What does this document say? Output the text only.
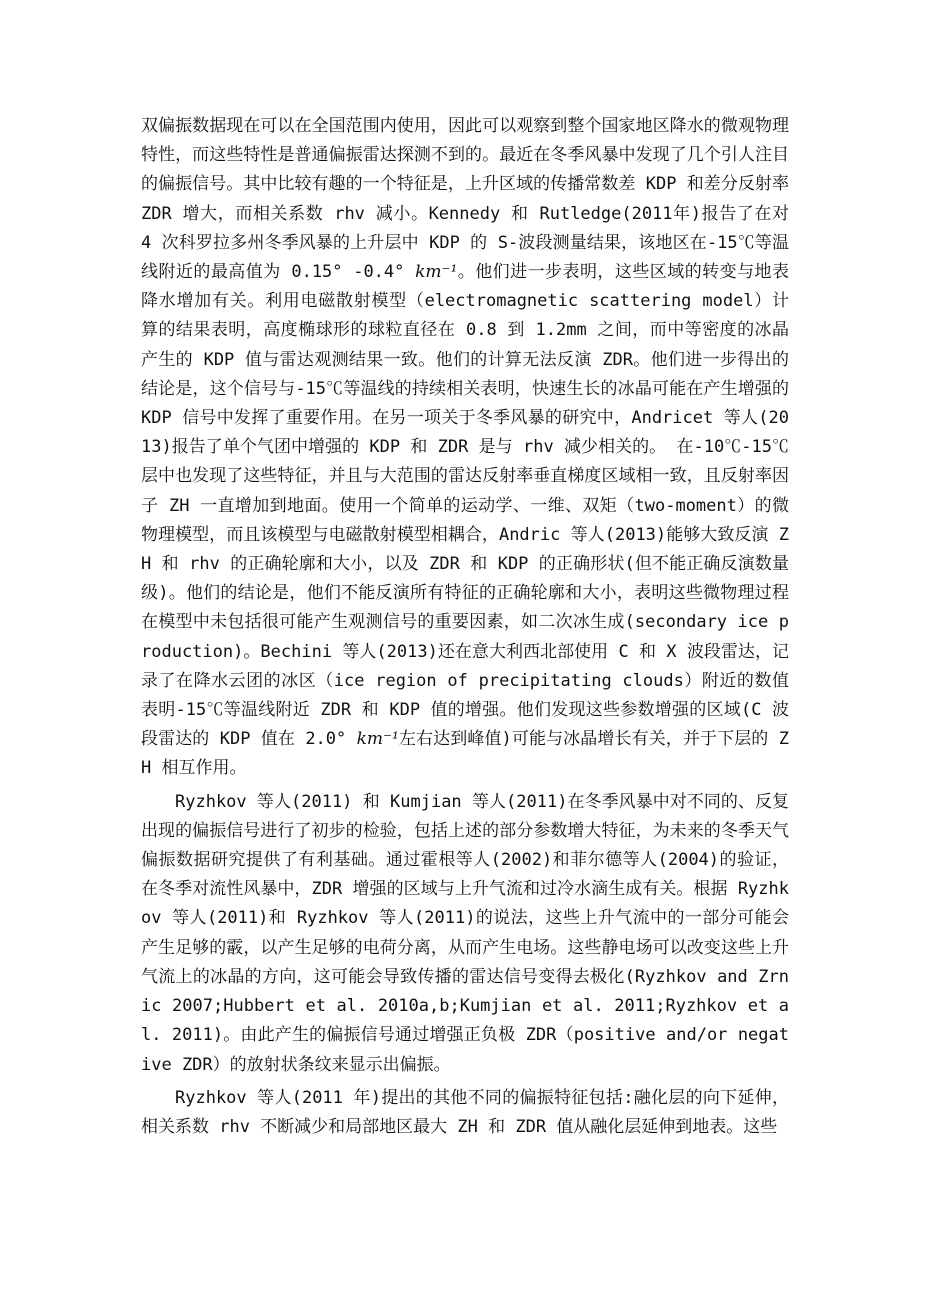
双偏振数据现在可以在全国范围内使用，因此可以观察到整个国家地区降水的微观物理特性，而这些特性是普通偏振雷达探测不到的。最近在冬季风暴中发现了几个引人注目的偏振信号。其中比较有趣的一个特征是，上升区域的传播常数差 KDP 和差分反射率 ZDR 增大，而相关系数 rhv 减小。Kennedy 和 Rutledge(2011年)报告了在对 4 次科罗拉多州冬季风暴的上升层中 KDP 的 S-波段测量结果，该地区在-15℃等温线附近的最高值为 0.15° -0.4° km⁻¹。他们进一步表明，这些区域的转变与地表降水增加有关。利用电磁散射模型（electromagnetic scattering model）计算的结果表明，高度椭球形的球粒直径在 0.8 到 1.2mm 之间，而中等密度的冰晶产生的 KDP 值与雷达观测结果一致。他们的计算无法反演 ZDR。他们进一步得出的结论是，这个信号与-15℃等温线的持续相关表明，快速生长的冰晶可能在产生增强的 KDP 信号中发挥了重要作用。在另一项关于冬季风暴的研究中，Andricet 等人(2013)报告了单个气团中增强的 KDP 和 ZDR 是与 rhv 减少相关的。 在-10℃-15℃层中也发现了这些特征，并且与大范围的雷达反射率垂直梯度区域相一致，且反射率因子 ZH 一直增加到地面。使用一个简单的运动学、一维、双矩（two-moment）的微物理模型，而且该模型与电磁散射模型相耦合，Andric 等人(2013)能够大致反演 ZH 和 rhv 的正确轮廓和大小，以及 ZDR 和 KDP 的正确形状(但不能正确反演数量级)。他们的结论是，他们不能反演所有特征的正确轮廓和大小，表明这些微物理过程在模型中未包括很可能产生观测信号的重要因素，如二次冰生成(secondary ice production)。Bechini 等人(2013)还在意大利西北部使用 C 和 X 波段雷达，记录了在降水云团的冰区（ice region of precipitating clouds）附近的数值表明-15℃等温线附近 ZDR 和 KDP 值的增强。他们发现这些参数增强的区域(C 波段雷达的 KDP 值在 2.0° km⁻¹左右达到峰值)可能与冰晶增长有关，并于下层的 ZH 相互作用。

Ryzhkov 等人(2011) 和 Kumjian 等人(2011)在冬季风暴中对不同的、反复出现的偏振信号进行了初步的检验，包括上述的部分参数增大特征，为未来的冬季天气偏振数据研究提供了有利基础。通过霍根等人(2002)和菲尔德等人(2004)的验证，在冬季对流性风暴中，ZDR 增强的区域与上升气流和过冷水滴生成有关。根据 Ryzhkov 等人(2011)和 Ryzhkov 等人(2011)的说法，这些上升气流中的一部分可能会产生足够的霰，以产生足够的电荷分离，从而产生电场。这些静电场可以改变这些上升气流上的冰晶的方向，这可能会导致传播的雷达信号变得去极化(Ryzhkov and Zrnic 2007;Hubbert et al. 2010a,b;Kumjian et al. 2011;Ryzhkov et al. 2011)。由此产生的偏振信号通过增强正负极 ZDR（positive and/or negative ZDR）的放射状条纹来显示出偏振。

Ryzhkov 等人(2011 年)提出的其他不同的偏振特征包括:融化层的向下延伸，相关系数 rhv 不断减少和局部地区最大 ZH 和 ZDR 值从融化层延伸到地表。这些
